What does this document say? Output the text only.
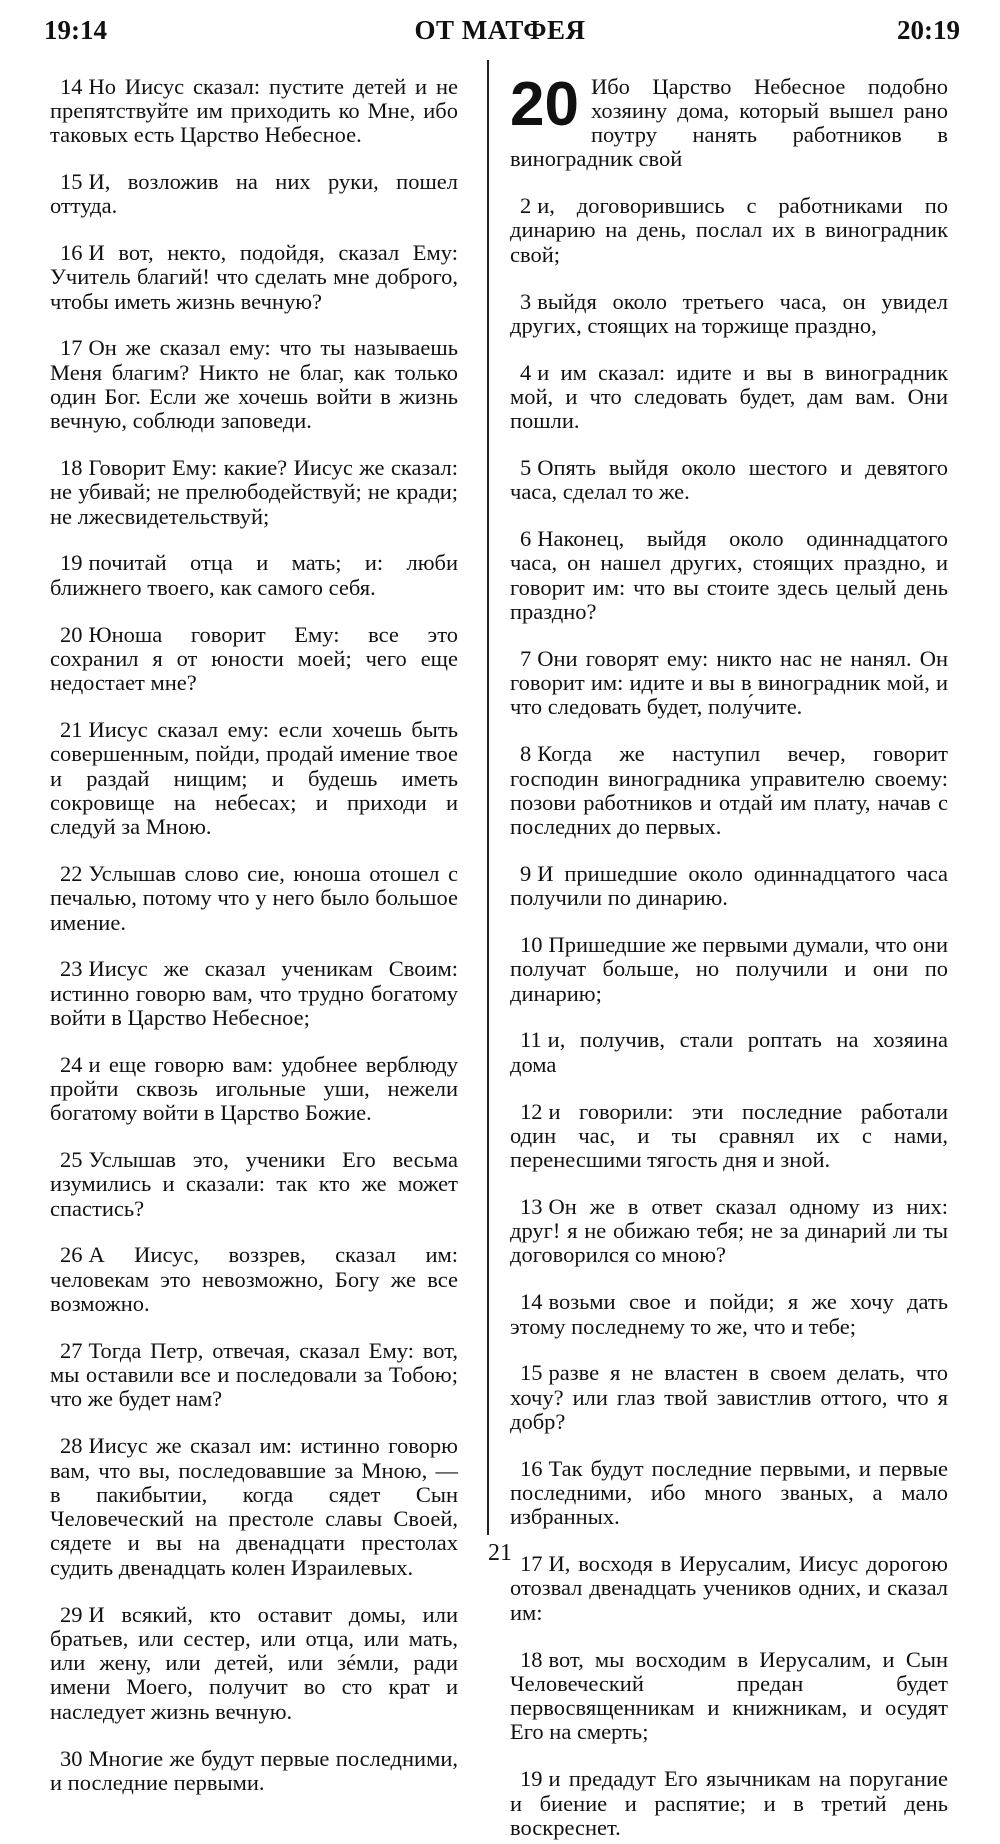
19:14	ОТ МАТФЕЯ	20:19

14 Но Иисус сказал: пустите детей и не препятствуйте им приходить ко Мне, ибо таковых есть Царство Небесное.

15 И, возложив на них руки, пошел оттуда.

16 И вот, некто, подойдя, сказал Ему: Учитель благий! что сделать мне доброго, чтобы иметь жизнь вечную?

17 Он же сказал ему: что ты называешь Меня благим? Никто не благ, как только один Бог. Если же хочешь войти в жизнь вечную, соблюди заповеди.

18 Говорит Ему: какие? Иисус же сказал: не убивай; не прелюбодействуй; не кради; не лжесвидетельствуй;

19 почитай отца и мать; и: люби ближнего твоего, как самого себя.

20 Юноша говорит Ему: все это сохранил я от юности моей; чего еще недостает мне?

21 Иисус сказал ему: если хочешь быть совершенным, пойди, продай имение твое и раздай нищим; и будешь иметь сокровище на небесах; и приходи и следуй за Мною.

22 Услышав слово сие, юноша отошел с печалью, потому что у него было большое имение.

23 Иисус же сказал ученикам Своим: истинно говорю вам, что трудно богатому войти в Царство Небесное;

24 и еще говорю вам: удобнее верблюду пройти сквозь игольные уши, нежели богатому войти в Царство Божие.

25 Услышав это, ученики Его весьма изумились и сказали: так кто же может спастись?

26 А Иисус, воззрев, сказал им: человекам это невозможно, Богу же все возможно.

27 Тогда Петр, отвечая, сказал Ему: вот, мы оставили все и последовали за Тобою; что же будет нам?

28 Иисус же сказал им: истинно говорю вам, что вы, последовавшие за Мною, — в пакибытии, когда сядет Сын Человеческий на престоле славы Своей, сядете и вы на двенадцати престолах судить двенадцать колен Израилевых.

29 И всякий, кто оставит домы, или братьев, или сестер, или отца, или мать, или жену, или детей, или зéмли, ради имени Моего, получит во сто крат и наследует жизнь вечную.

30 Многие же будут первые последними, и последние первыми.

20 Ибо Царство Небесное подобно хозяину дома, который вышел рано поутру нанять работников в виноградник свой

2 и, договорившись с работниками по динарию на день, послал их в виноградник свой;

3 выйдя около третьего часа, он увидел других, стоящих на торжище праздно,

4 и им сказал: идите и вы в виноградник мой, и что следовать будет, дам вам. Они пошли.

5 Опять выйдя около шестого и девятого часа, сделал то же.

6 Наконец, выйдя около одиннадцатого часа, он нашел других, стоящих праздно, и говорит им: что вы стоите здесь целый день праздно?

7 Они говорят ему: никто нас не нанял. Он говорит им: идите и вы в виноградник мой, и что следовать будет, полу́чите.

8 Когда же наступил вечер, говорит господин виноградника управителю своему: позови работников и отдай им плату, начав с последних до первых.

9 И пришедшие около одиннадцатого часа получили по динарию.

10 Пришедшие же первыми думали, что они получат больше, но получили и они по динарию;

11 и, получив, стали роптать на хозяина дома

12 и говорили: эти последние работали один час, и ты сравнял их с нами, перенесшими тягость дня и зной.

13 Он же в ответ сказал одному из них: друг! я не обижаю тебя; не за динарий ли ты договорился со мною?

14 возьми свое и пойди; я же хочу дать этому последнему то же, что и тебе;

15 разве я не властен в своем делать, что хочу? или глаз твой завистлив оттого, что я добр?

16 Так будут последние первыми, и первые последними, ибо много званых, а мало избранных.

17 И, восходя в Иерусалим, Иисус дорогою отозвал двенадцать учеников одних, и сказал им:

18 вот, мы восходим в Иерусалим, и Сын Человеческий предан будет первосвященникам и книжникам, и осудят Его на смерть;

19 и предадут Его язычникам на поругание и биение и распятие; и в третий день воскреснет.

21
